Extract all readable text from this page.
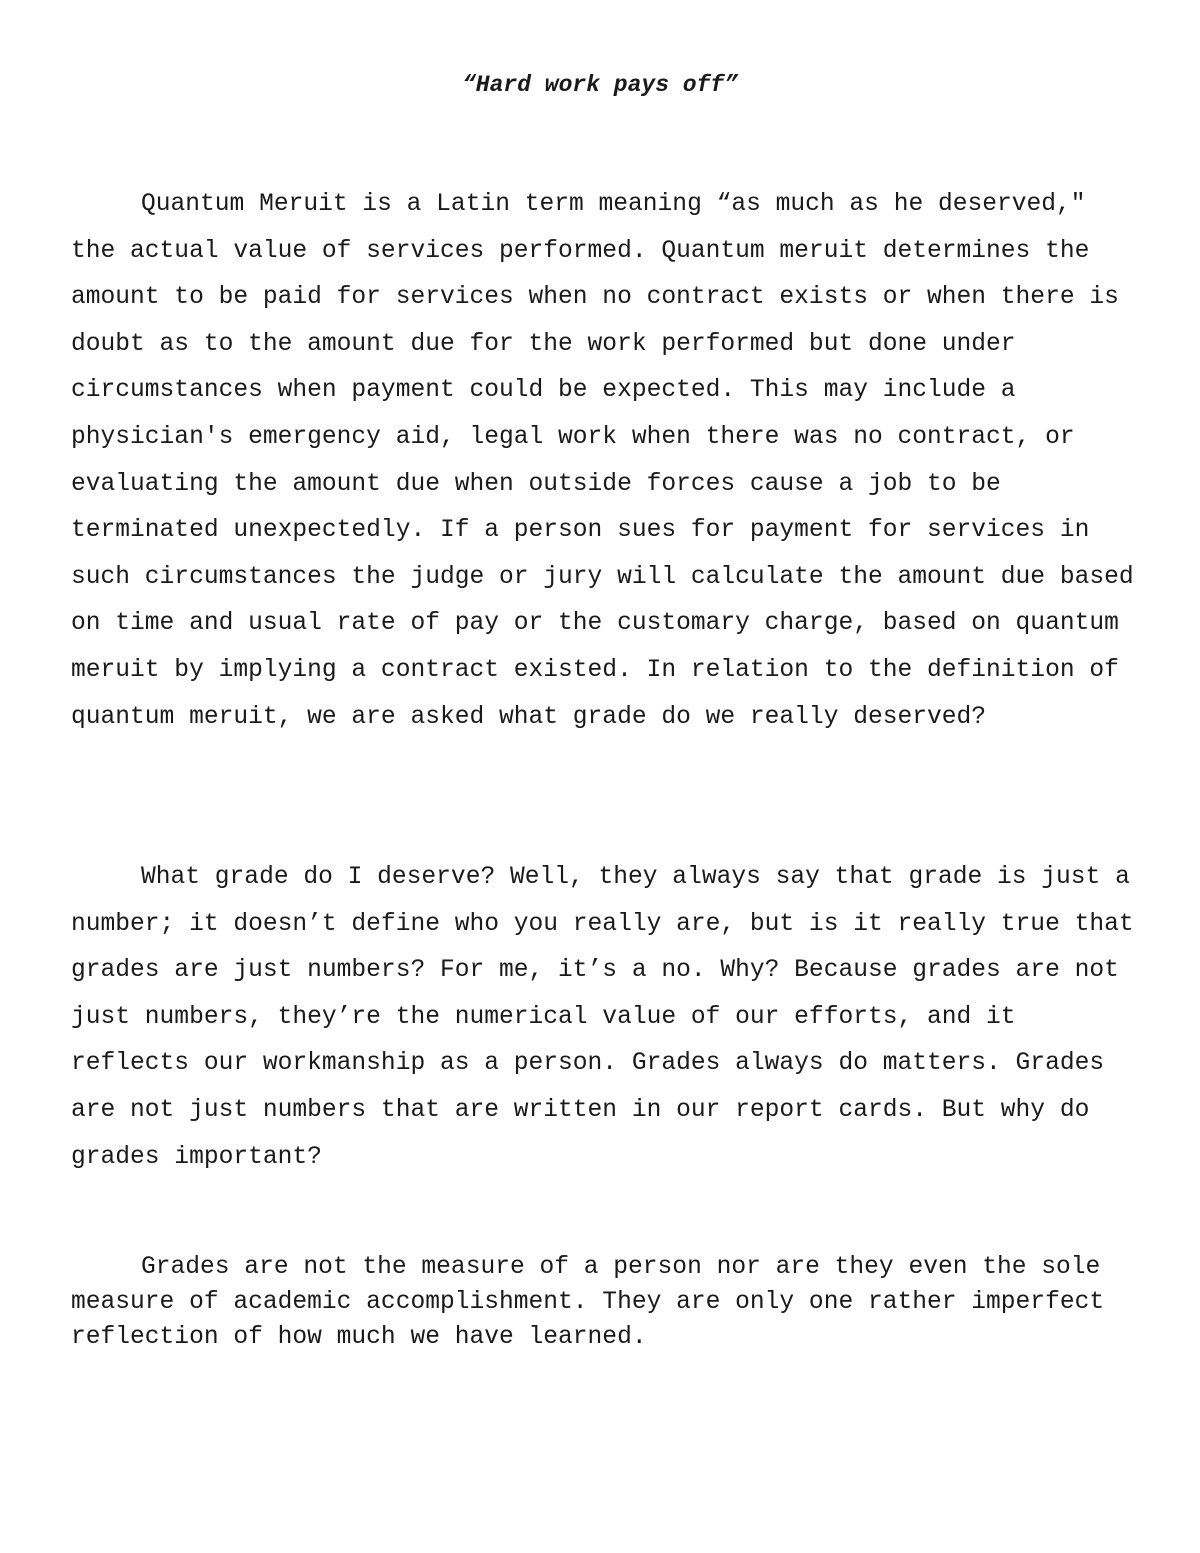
“Hard work pays off”

Quantum Meruit is a Latin term meaning “as much as he deserved," the actual value of services performed. Quantum meruit determines the amount to be paid for services when no contract exists or when there is doubt as to the amount due for the work performed but done under circumstances when payment could be expected. This may include a physician's emergency aid, legal work when there was no contract, or evaluating the amount due when outside forces cause a job to be terminated unexpectedly. If a person sues for payment for services in such circumstances the judge or jury will calculate the amount due based on time and usual rate of pay or the customary charge, based on quantum meruit by implying a contract existed. In relation to the definition of quantum meruit, we are asked what grade do we really deserved?

What grade do I deserve? Well, they always say that grade is just a number; it doesn’t define who you really are, but is it really true that grades are just numbers? For me, it’s a no. Why? Because grades are not just numbers, they’re the numerical value of our efforts, and it reflects our workmanship as a person. Grades always do matters. Grades are not just numbers that are written in our report cards. But why do grades important?

Grades are not the measure of a person nor are they even the sole measure of academic accomplishment. They are only one rather imperfect reflection of how much we have learned.
